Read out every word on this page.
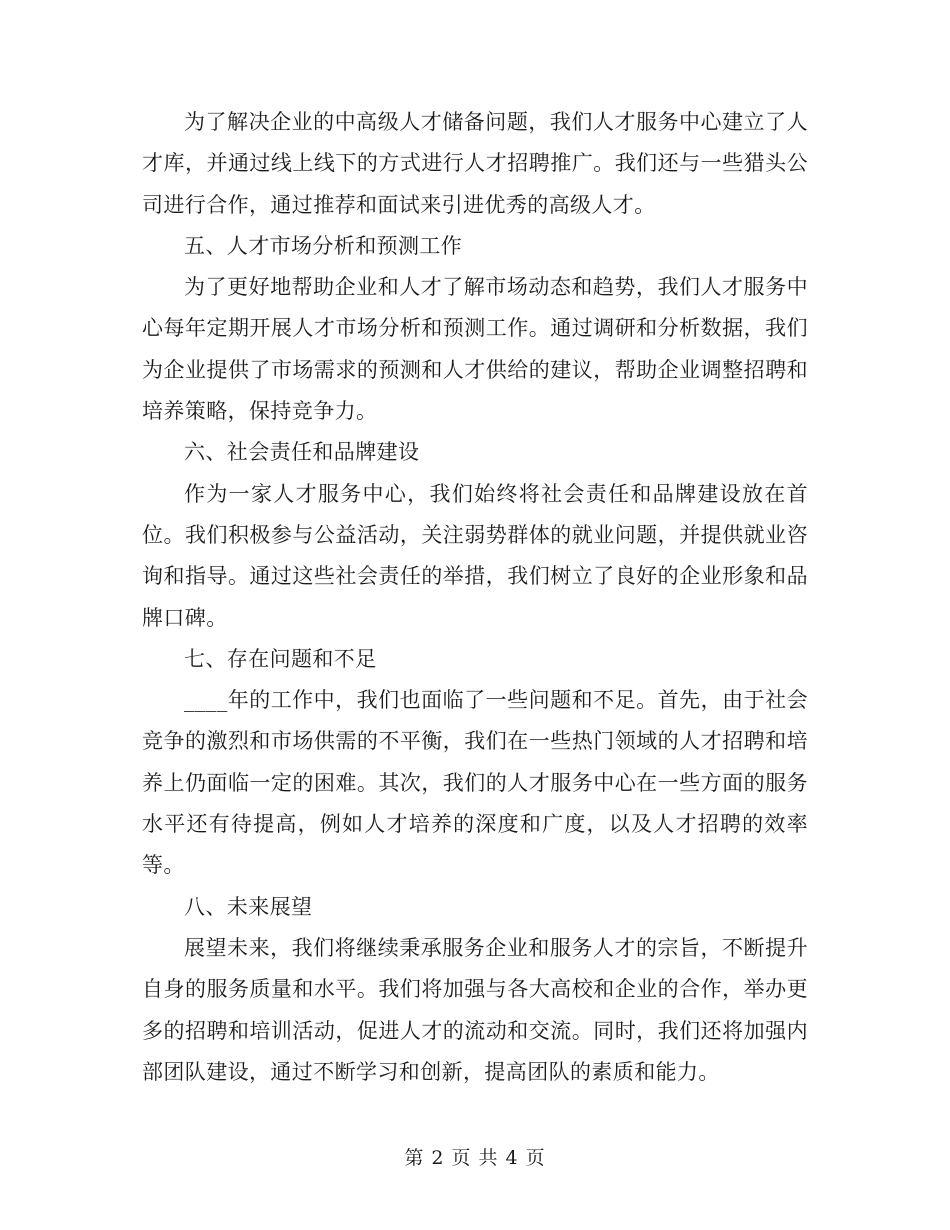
为了解决企业的中高级人才储备问题，我们人才服务中心建立了人才库，并通过线上线下的方式进行人才招聘推广。我们还与一些猎头公司进行合作，通过推荐和面试来引进优秀的高级人才。

五、人才市场分析和预测工作

为了更好地帮助企业和人才了解市场动态和趋势，我们人才服务中心每年定期开展人才市场分析和预测工作。通过调研和分析数据，我们为企业提供了市场需求的预测和人才供给的建议，帮助企业调整招聘和培养策略，保持竞争力。

六、社会责任和品牌建设

作为一家人才服务中心，我们始终将社会责任和品牌建设放在首位。我们积极参与公益活动，关注弱势群体的就业问题，并提供就业咨询和指导。通过这些社会责任的举措，我们树立了良好的企业形象和品牌口碑。

七、存在问题和不足

____年的工作中，我们也面临了一些问题和不足。首先，由于社会竞争的激烈和市场供需的不平衡，我们在一些热门领域的人才招聘和培养上仍面临一定的困难。其次，我们的人才服务中心在一些方面的服务水平还有待提高，例如人才培养的深度和广度，以及人才招聘的效率等。

八、未来展望

展望未来，我们将继续秉承服务企业和服务人才的宗旨，不断提升自身的服务质量和水平。我们将加强与各大高校和企业的合作，举办更多的招聘和培训活动，促进人才的流动和交流。同时，我们还将加强内部团队建设，通过不断学习和创新，提高团队的素质和能力。

第 2 页 共 4 页
